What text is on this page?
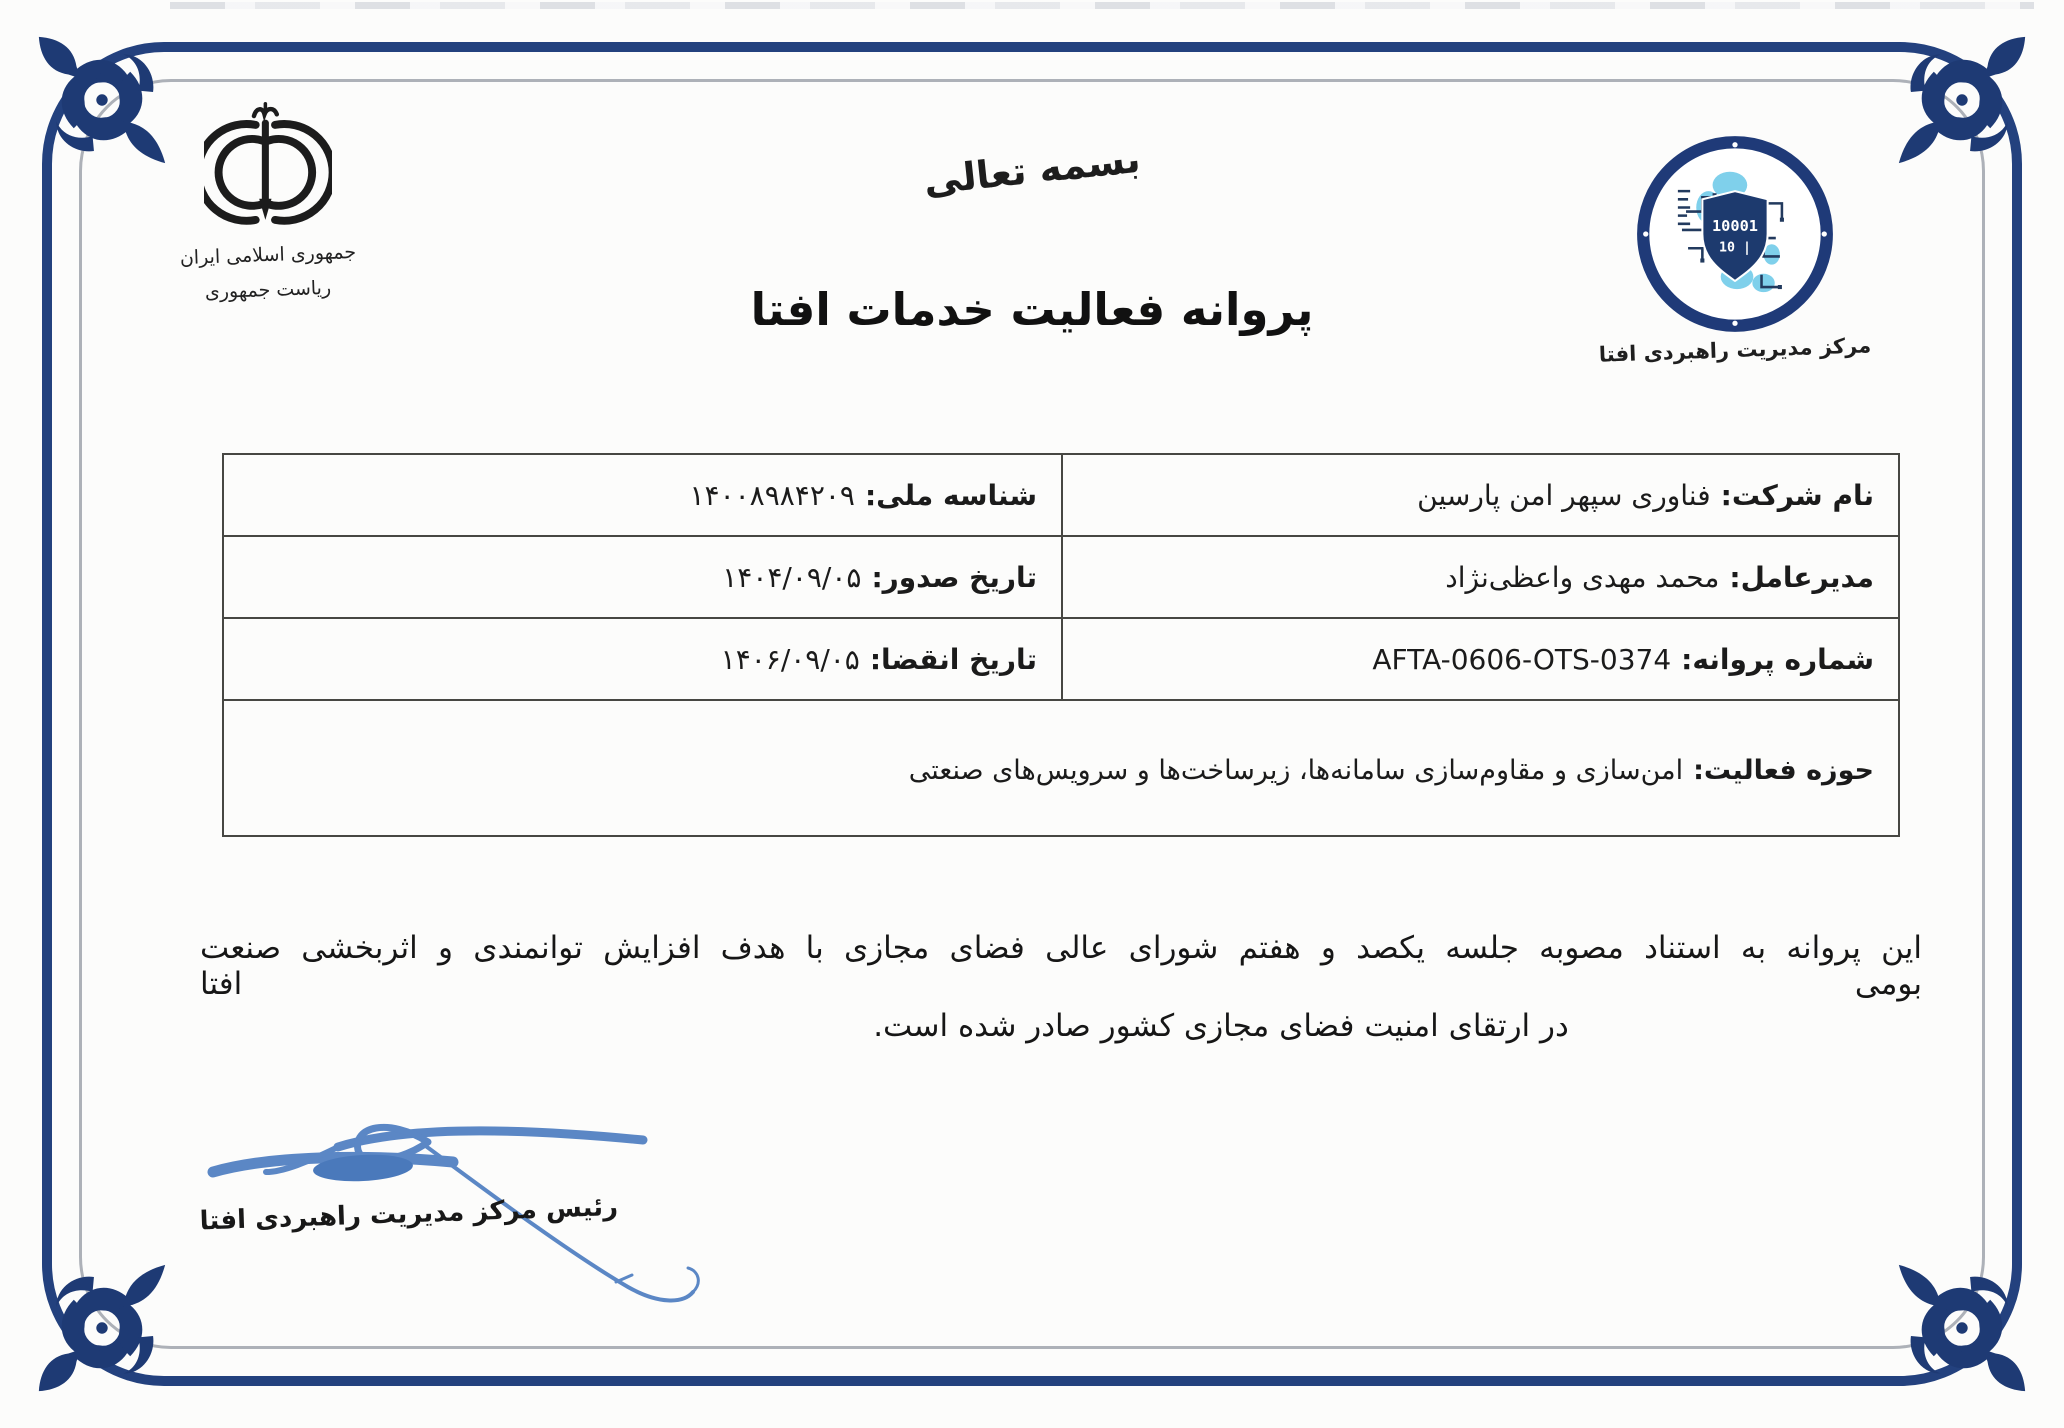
جمهوری اسلامی ایران
ریاست جمهوری
بسمه تعالی
پروانه فعالیت خدمات افتا
10001
| 10
مرکز مدیریت راهبردی افتا
نام شرکت:
فناوری سپهر امن پارسین
شناسه ملی:
۱۴۰۰۸۹۸۴۲۰۹
مدیرعامل:
محمد مهدی واعظی‌نژاد
تاریخ صدور:
۱۴۰۴/۰۹/۰۵
شماره پروانه:
AFTA-0606-OTS-0374
تاریخ انقضا:
۱۴۰۶/۰۹/۰۵
حوزه فعالیت:
امن‌سازی و مقاوم‌سازی سامانه‌ها، زیرساخت‌ها و سرویس‌های صنعتی
این پروانه به استناد مصوبه جلسه یکصد و هفتم شورای عالی فضای مجازی با هدف افزایش توانمندی و اثربخشی صنعت بومی افتا
در ارتقای امنیت فضای مجازی کشور صادر شده است.
رئیس مرکز مدیریت راهبردی افتا
